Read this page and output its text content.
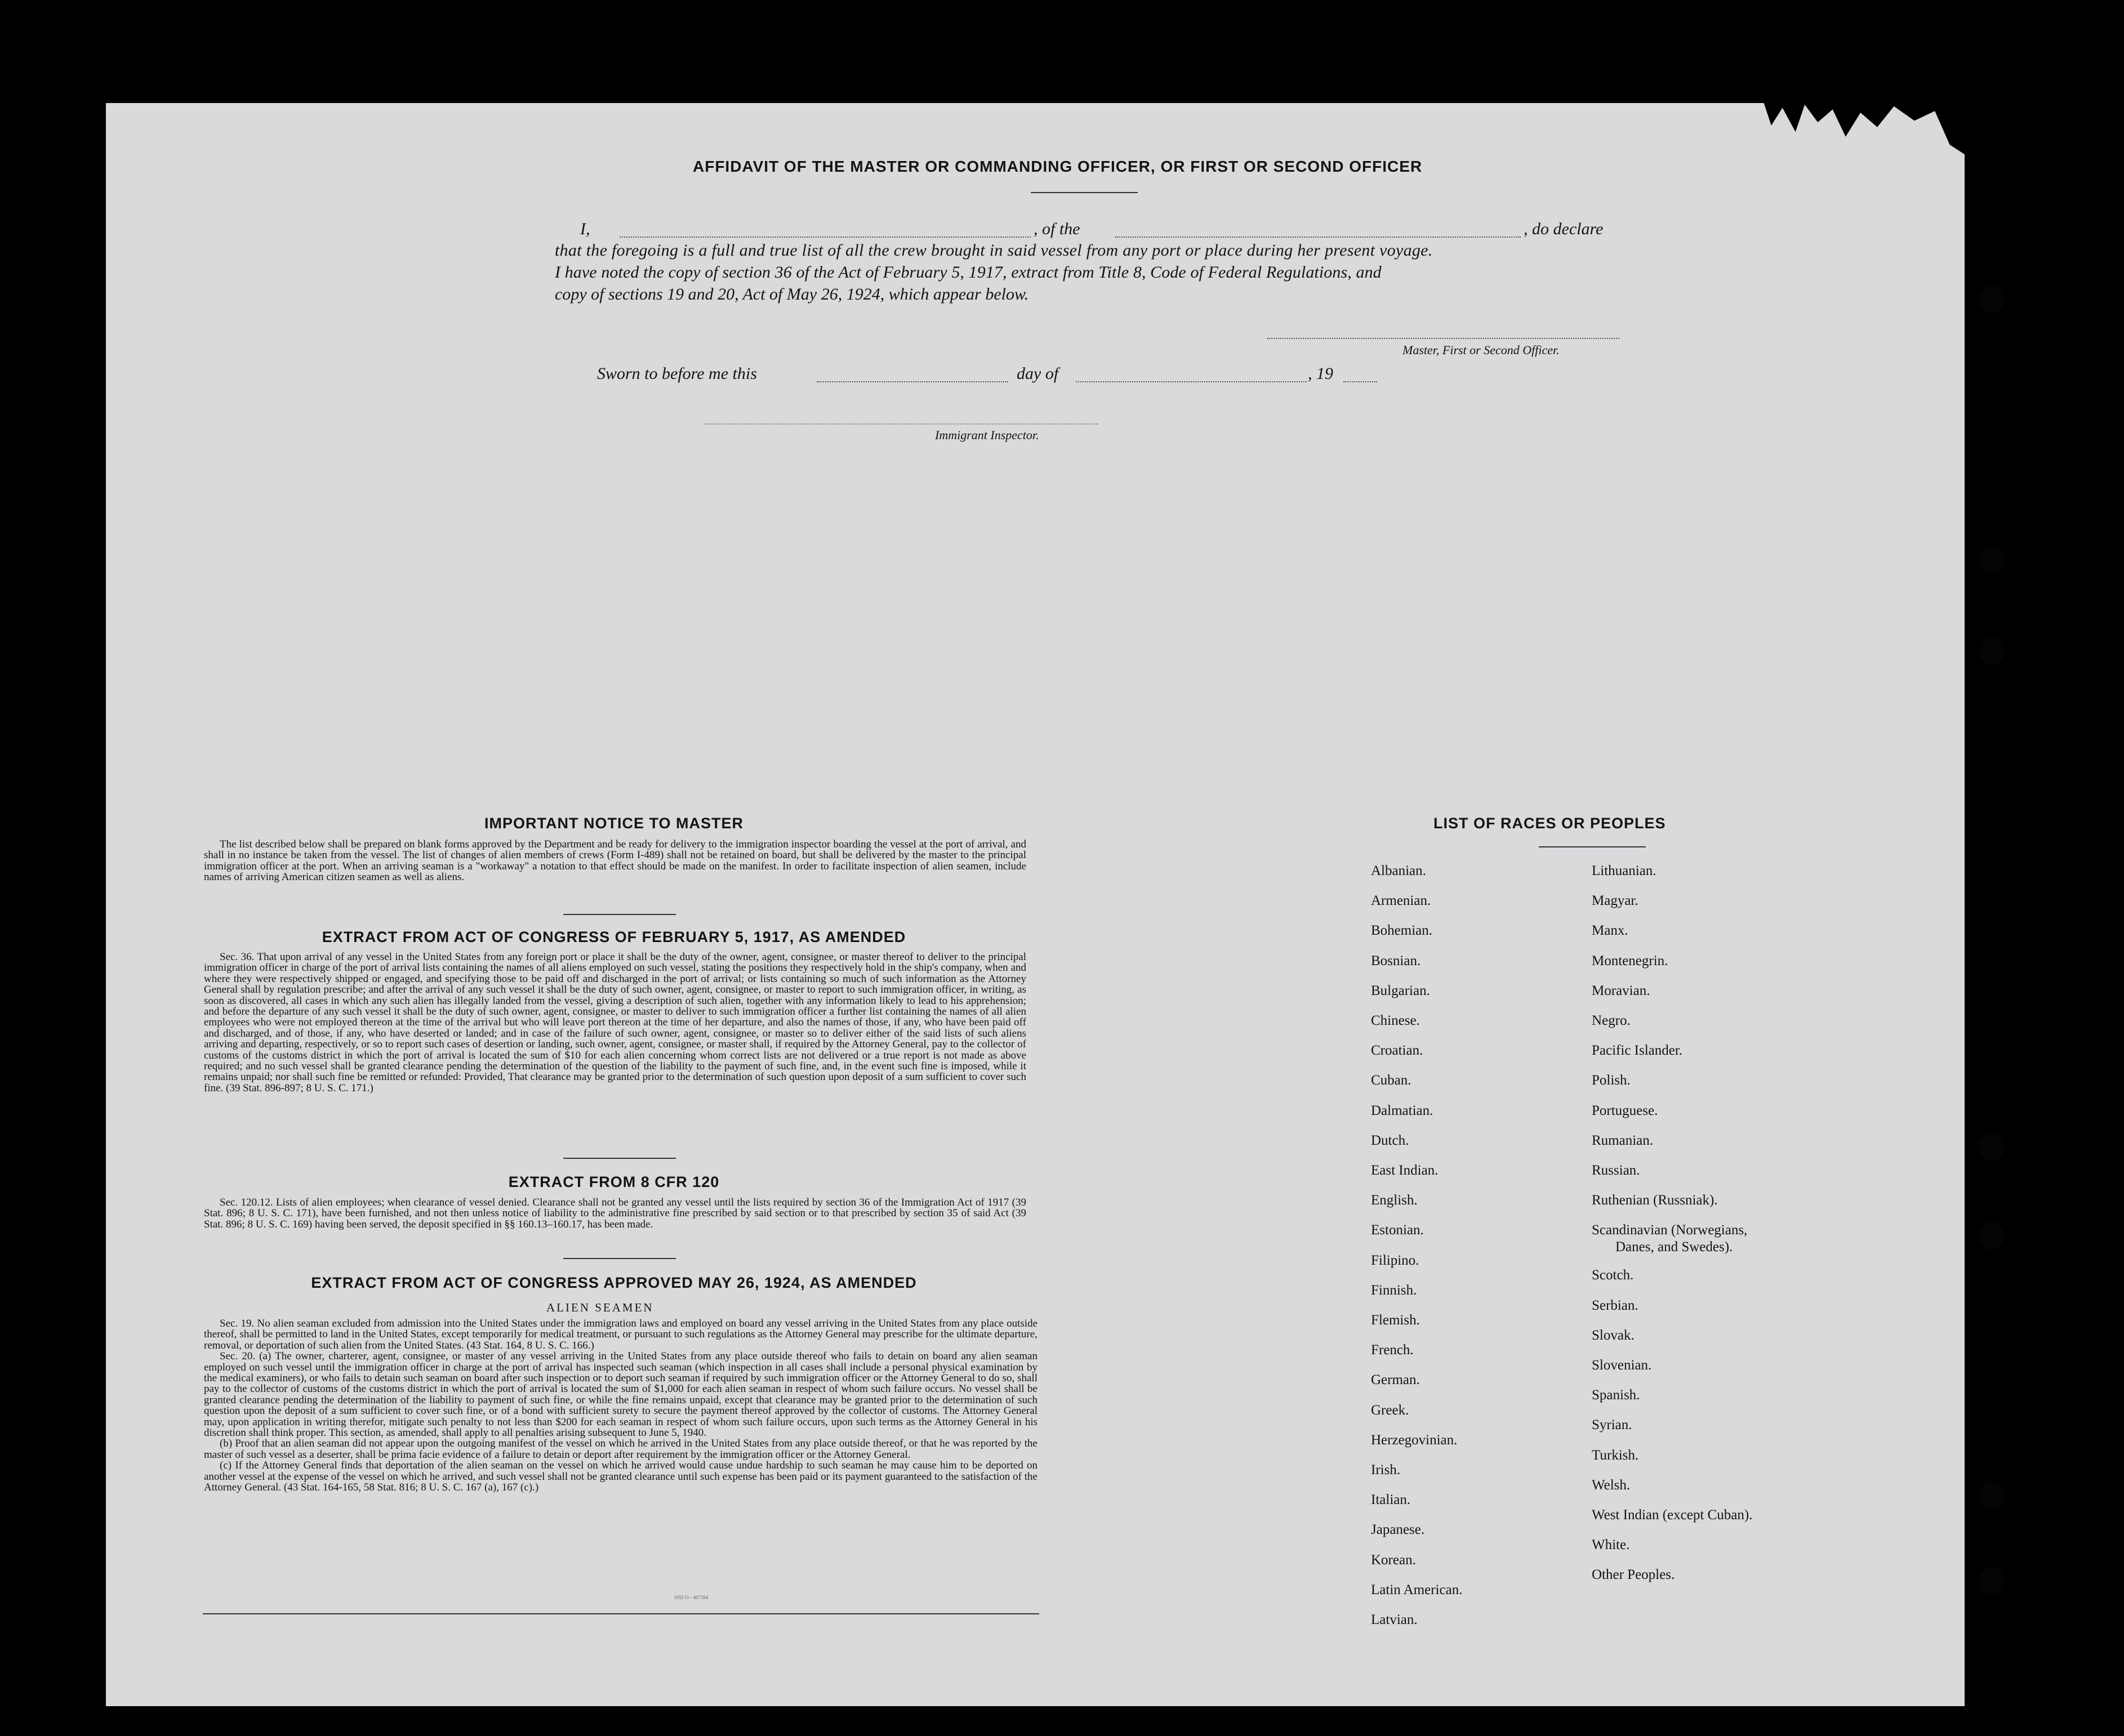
AFFIDAVIT OF THE MASTER OR COMMANDING OFFICER, OR FIRST OR SECOND OFFICER
I,	, of the	, do declare
that the foregoing is a full and true list of all the crew brought in said vessel from any port or place during her present voyage.
I have noted the copy of section 36 of the Act of February 5, 1917, extract from Title 8, Code of Federal Regulations, and
copy of sections 19 and 20, Act of May 26, 1924, which appear below.
Master, First or Second Officer.
Sworn to before me this	day of	, 19
Immigrant Inspector.
IMPORTANT NOTICE TO MASTER

The list described below shall be prepared on blank forms approved by the Department and be ready for delivery to the immigration inspector boarding the vessel at the port of arrival, and shall in no instance be taken from the vessel. The list of changes of alien members of crews (Form I-489) shall not be retained on board, but shall be delivered by the master to the principal immigration officer at the port. When an arriving seaman is a "workaway" a notation to that effect should be made on the manifest. In order to facilitate inspection of alien seamen, include names of arriving American citizen seamen as well as aliens.

EXTRACT FROM ACT OF CONGRESS OF FEBRUARY 5, 1917, AS AMENDED

Sec. 36. That upon arrival of any vessel in the United States from any foreign port or place it shall be the duty of the owner, agent, consignee, or master thereof to deliver to the principal immigration officer in charge of the port of arrival lists containing the names of all aliens employed on such vessel, stating the positions they respectively hold in the ship's company, when and where they were respectively shipped or engaged, and specifying those to be paid off and discharged in the port of arrival; or lists containing so much of such information as the Attorney General shall by regulation prescribe; and after the arrival of any such vessel it shall be the duty of such owner, agent, consignee, or master to report to such immigration officer, in writing, as soon as discovered, all cases in which any such alien has illegally landed from the vessel, giving a description of such alien, together with any information likely to lead to his apprehension; and before the departure of any such vessel it shall be the duty of such owner, agent, consignee, or master to deliver to such immigration officer a further list containing the names of all alien employees who were not employed thereon at the time of the arrival but who will leave port thereon at the time of her departure, and also the names of those, if any, who have been paid off and discharged, and of those, if any, who have deserted or landed; and in case of the failure of such owner, agent, consignee, or master so to deliver either of the said lists of such aliens arriving and departing, respectively, or so to report such cases of desertion or landing, such owner, agent, consignee, or master shall, if required by the Attorney General, pay to the collector of customs of the customs district in which the port of arrival is located the sum of $10 for each alien concerning whom correct lists are not delivered or a true report is not made as above required; and no such vessel shall be granted clearance pending the determination of the question of the liability to the payment of such fine, and, in the event such fine is imposed, while it remains unpaid; nor shall such fine be remitted or refunded: Provided, That clearance may be granted prior to the determination of such question upon deposit of a sum sufficient to cover such fine. (39 Stat. 896-897; 8 U. S. C. 171.)

EXTRACT FROM 8 CFR 120

Sec. 120.12. Lists of alien employees; when clearance of vessel denied. Clearance shall not be granted any vessel until the lists required by section 36 of the Immigration Act of 1917 (39 Stat. 896; 8 U. S. C. 171), have been furnished, and not then unless notice of liability to the administrative fine prescribed by said section or to that prescribed by section 35 of said Act (39 Stat. 896; 8 U. S. C. 169) having been served, the deposit specified in §§ 160.13–160.17, has been made.

EXTRACT FROM ACT OF CONGRESS APPROVED MAY 26, 1924, AS AMENDED
ALIEN SEAMEN

Sec. 19. No alien seaman excluded from admission into the United States under the immigration laws and employed on board any vessel arriving in the United States from any place outside thereof, shall be permitted to land in the United States, except temporarily for medical treatment, or pursuant to such regulations as the Attorney General may prescribe for the ultimate departure, removal, or deportation of such alien from the United States. (43 Stat. 164, 8 U. S. C. 166.)

Sec. 20. (a) The owner, charterer, agent, consignee, or master of any vessel arriving in the United States from any place outside thereof who fails to detain on board any alien seaman employed on such vessel until the immigration officer in charge at the port of arrival has inspected such seaman (which inspection in all cases shall include a personal physical examination by the medical examiners), or who fails to detain such seaman on board after such inspection or to deport such seaman if required by such immigration officer or the Attorney General to do so, shall pay to the collector of customs of the customs district in which the port of arrival is located the sum of $1,000 for each alien seaman in respect of whom such failure occurs. No vessel shall be granted clearance pending the determination of the liability to payment of such fine, or while the fine remains unpaid, except that clearance may be granted prior to the determination of such question upon the deposit of a sum sufficient to cover such fine, or of a bond with sufficient surety to secure the payment thereof approved by the collector of customs. The Attorney General may, upon application in writing therefor, mitigate such penalty to not less than $200 for each seaman in respect of whom such failure occurs, upon such terms as the Attorney General in his discretion shall think proper. This section, as amended, shall apply to all penalties arising subsequent to June 5, 1940.

(b) Proof that an alien seaman did not appear upon the outgoing manifest of the vessel on which he arrived in the United States from any place outside thereof, or that he was reported by the master of such vessel as a deserter, shall be prima facie evidence of a failure to detain or deport after requirement by the immigration officer or the Attorney General.

(c) If the Attorney General finds that deportation of the alien seaman on the vessel on which he arrived would cause undue hardship to such seaman he may cause him to be deported on another vessel at the expense of the vessel on which he arrived, and such vessel shall not be granted clearance until such expense has been paid or its payment guaranteed to the satisfaction of the Attorney General. (43 Stat. 164-165, 58 Stat. 816; 8 U. S. C. 167 (a), 167 (c).)

1955 O - 467394
LIST OF RACES OR PEOPLES
Albanian.
Armenian.
Bohemian.
Bosnian.
Bulgarian.
Chinese.
Croatian.
Cuban.
Dalmatian.
Dutch.
East Indian.
English.
Estonian.
Filipino.
Finnish.
Flemish.
French.
German.
Greek.
Herzegovinian.
Irish.
Italian.
Japanese.
Korean.
Latin American.
Latvian.
Lithuanian.
Magyar.
Manx.
Montenegrin.
Moravian.
Negro.
Pacific Islander.
Polish.
Portuguese.
Rumanian.
Russian.
Ruthenian (Russniak).
Scandinavian (Norwegians,
Danes, and Swedes).
Scotch.
Serbian.
Slovak.
Slovenian.
Spanish.
Syrian.
Turkish.
Welsh.
West Indian (except Cuban).
White.
Other Peoples.
